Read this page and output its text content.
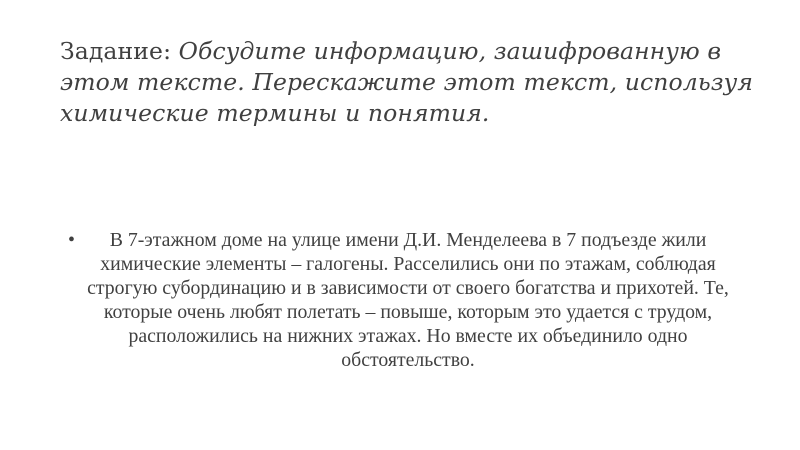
Задание: Обсудите информацию, зашифрованную в этом тексте. Перескажите этот текст, используя химические термины и понятия.
•	В 7-этажном доме на улице имени Д.И. Менделеева в 7 подъезде жили химические элементы – галогены. Расселились они по этажам, соблюдая строгую субординацию и в зависимости от своего богатства и прихотей. Те, которые очень любят полетать – повыше, которым это удается с трудом, расположились на нижних этажах. Но вместе их объединило одно обстоятельство.
